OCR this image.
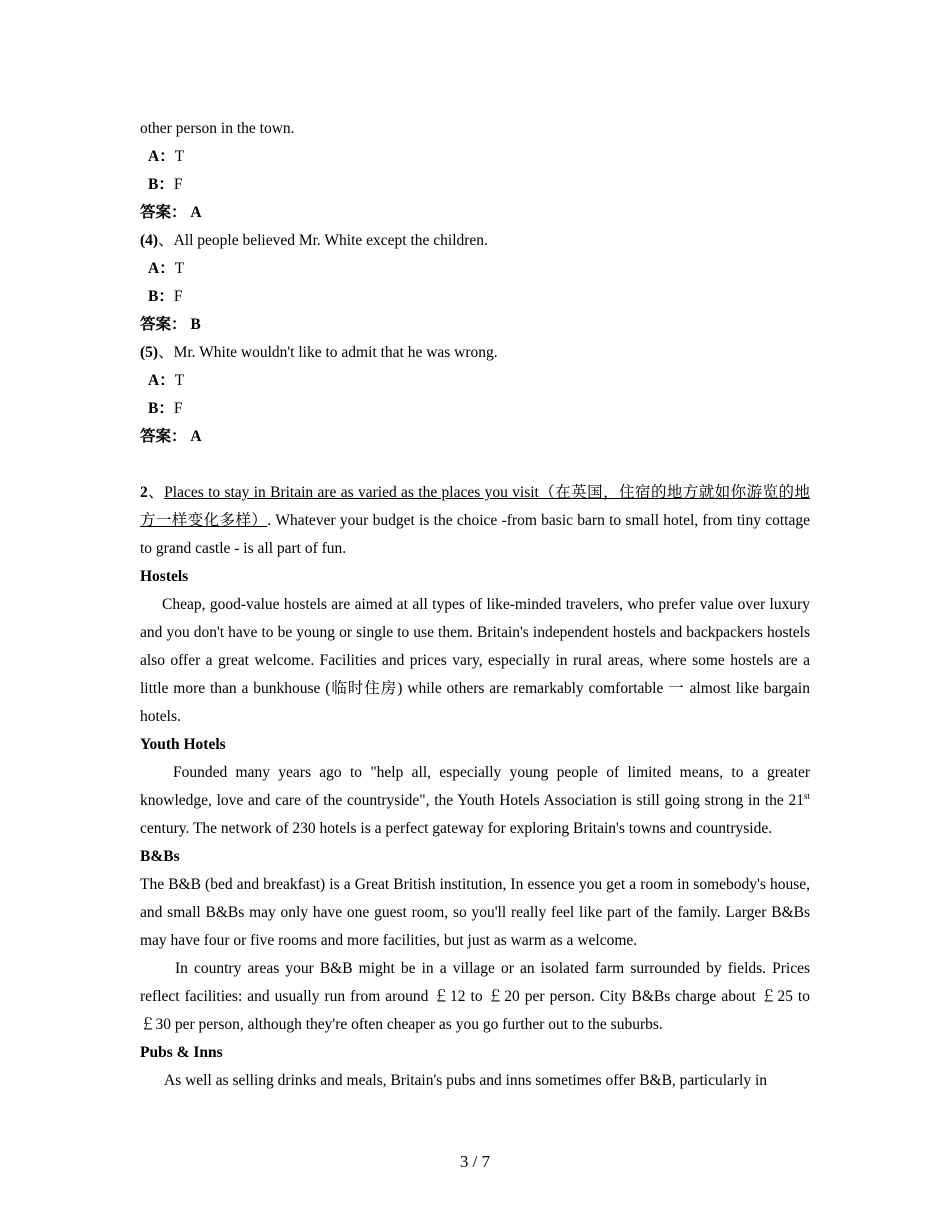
other person in the town.
A：T
B：F
答案： A
(4)、All people believed Mr. White except the children.
A：T
B：F
答案： B
(5)、Mr. White wouldn't like to admit that he was wrong.
A：T
B：F
答案： A
2、Places to stay in Britain are as varied as the places you visit（在英国，住宿的地方就如你游览的地方一样变化多样）. Whatever your budget is the choice -from basic barn to small hotel, from tiny cottage to grand castle - is all part of fun.
Hostels
Cheap, good-value hostels are aimed at all types of like-minded travelers, who prefer value over luxury and you don't have to be young or single to use them. Britain's independent hostels and backpackers hostels also offer a great welcome. Facilities and prices vary, especially in rural areas, where some hostels are a little more than a bunkhouse (临时住房) while others are remarkably comfortable 一 almost like bargain hotels.
Youth Hotels
Founded many years ago to "help all, especially young people of limited means, to a greater knowledge, love and care of the countryside", the Youth Hotels Association is still going strong in the 21st century. The network of 230 hotels is a perfect gateway for exploring Britain's towns and countryside.
B&Bs
The B&B (bed and breakfast) is a Great British institution, In essence you get a room in somebody's house, and small B&Bs may only have one guest room, so you'll really feel like part of the family. Larger B&Bs may have four or five rooms and more facilities, but just as warm as a welcome.
In country areas your B&B might be in a village or an isolated farm surrounded by fields. Prices reflect facilities: and usually run from around ￡12 to ￡20 per person. City B&Bs charge about ￡25 to ￡30 per person, although they're often cheaper as you go further out to the suburbs.
Pubs & Inns
As well as selling drinks and meals, Britain's pubs and inns sometimes offer B&B, particularly in
3 / 7
